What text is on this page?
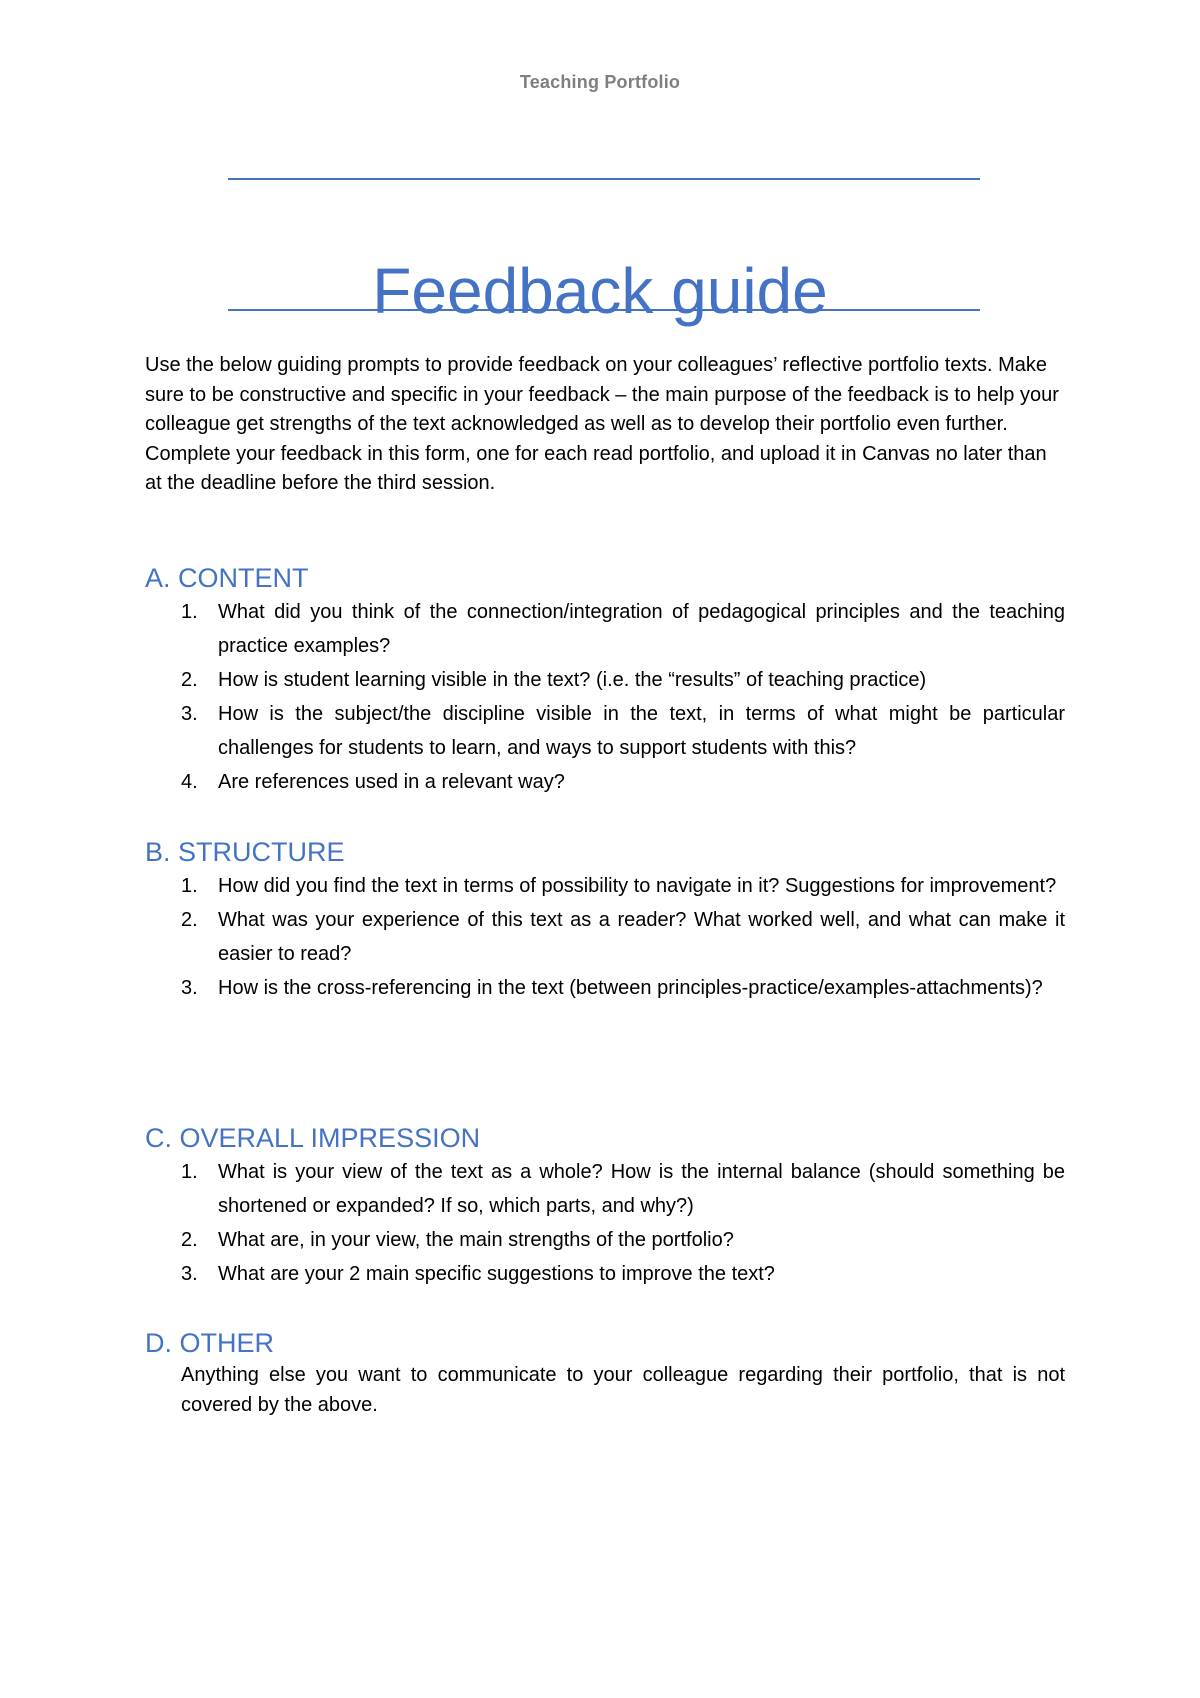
Teaching Portfolio
Feedback guide

Use the below guiding prompts to provide feedback on your colleagues’ reflective portfolio texts. Make sure to be constructive and specific in your feedback – the main purpose of the feedback is to help your colleague get strengths of the text acknowledged as well as to develop their portfolio even further.

Complete your feedback in this form, one for each read portfolio, and upload it in Canvas no later than at the deadline before the third session.

A. CONTENT
1. What did you think of the connection/integration of pedagogical principles and the teaching practice examples?
2. How is student learning visible in the text? (i.e. the “results” of teaching practice)
3. How is the subject/the discipline visible in the text, in terms of what might be particular challenges for students to learn, and ways to support students with this?
4. Are references used in a relevant way?
B. STRUCTURE
1. How did you find the text in terms of possibility to navigate in it? Suggestions for improvement?
2. What was your experience of this text as a reader? What worked well, and what can make it easier to read?
3. How is the cross-referencing in the text (between principles-practice/examples-attachments)?
C. OVERALL IMPRESSION
1. What is your view of the text as a whole? How is the internal balance (should something be shortened or expanded? If so, which parts, and why?)
2. What are, in your view, the main strengths of the portfolio?
3. What are your 2 main specific suggestions to improve the text?
D. OTHER

Anything else you want to communicate to your colleague regarding their portfolio, that is not covered by the above.
